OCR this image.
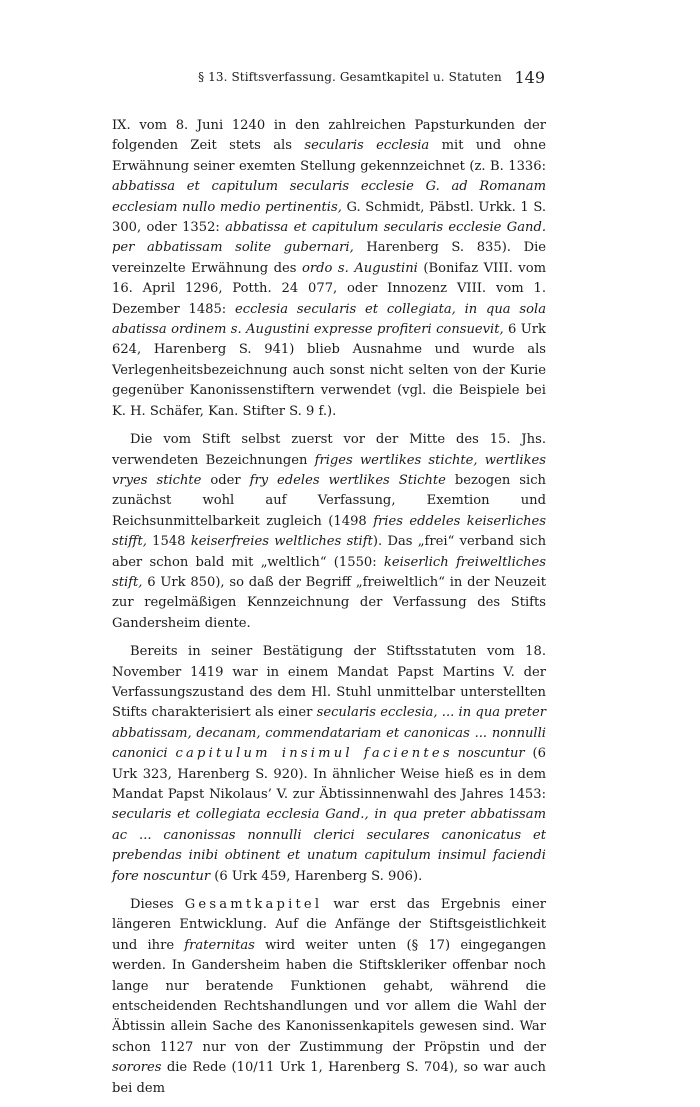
§ 13. Stiftsverfassung. Gesamtkapitel u. Statuten 149

IX. vom 8. Juni 1240 in den zahlreichen Papsturkunden der folgenden Zeit stets als secularis ecclesia mit und ohne Erwähnung seiner exemten Stellung gekennzeichnet (z. B. 1336: abbatissa et capitulum secularis ecclesie G. ad Romanam ecclesiam nullo medio pertinentis, G. Schmidt, Päbstl. Urkk. 1 S. 300, oder 1352: abbatissa et capitulum secularis ecclesie Gand. per abbatissam solite gubernari, Harenberg S. 835). Die vereinzelte Erwähnung des ordo s. Augustini (Bonifaz VIII. vom 16. April 1296, Potth. 24 077, oder Innozenz VIII. vom 1. Dezember 1485: ecclesia secularis et collegiata, in qua sola abatissa ordinem s. Augustini expresse profiteri consuevit, 6 Urk 624, Harenberg S. 941) blieb Ausnahme und wurde als Verlegenheitsbezeichnung auch sonst nicht selten von der Kurie gegenüber Kanonissenstiftern verwendet (vgl. die Beispiele bei K. H. Schäfer, Kan. Stifter S. 9 f.).

Die vom Stift selbst zuerst vor der Mitte des 15. Jhs. verwendeten Bezeichnungen friges wertlikes stichte, wertlikes vryes stichte oder fry edeles wertlikes Stichte bezogen sich zunächst wohl auf Verfassung, Exemtion und Reichsunmittelbarkeit zugleich (1498 fries eddeles keiserliches stifft, 1548 keiserfreies weltliches stift). Das „frei“ verband sich aber schon bald mit „weltlich“ (1550: keiserlich freiweltliches stift, 6 Urk 850), so daß der Begriff „freiweltlich“ in der Neuzeit zur regelmäßigen Kennzeichnung der Verfassung des Stifts Gandersheim diente.

Bereits in seiner Bestätigung der Stiftsstatuten vom 18. November 1419 war in einem Mandat Papst Martins V. der Verfassungszustand des dem Hl. Stuhl unmittelbar unterstellten Stifts charakterisiert als einer secularis ecclesia, ... in qua preter abbatissam, decanam, commendatariam et canonicas ... nonnulli canonici capitulum insimul facientes noscuntur (6 Urk 323, Harenberg S. 920). In ähnlicher Weise hieß es in dem Mandat Papst Nikolaus’ V. zur Äbtissinnenwahl des Jahres 1453: secularis et collegiata ecclesia Gand., in qua preter abbatissam ac ... canonissas nonnulli clerici seculares canonicatus et prebendas inibi obtinent et unatum capitulum insimul faciendi fore noscuntur (6 Urk 459, Harenberg S. 906).

Dieses Gesamtkapitel war erst das Ergebnis einer längeren Entwicklung. Auf die Anfänge der Stiftsgeistlichkeit und ihre fraternitas wird weiter unten (§ 17) eingegangen werden. In Gandersheim haben die Stiftskleriker offenbar noch lange nur beratende Funktionen gehabt, während die entscheidenden Rechtshandlungen und vor allem die Wahl der Äbtissin allein Sache des Kanonissenkapitels gewesen sind. War schon 1127 nur von der Zustimmung der Pröpstin und der sorores die Rede (10/11 Urk 1, Harenberg S. 704), so war auch bei dem
